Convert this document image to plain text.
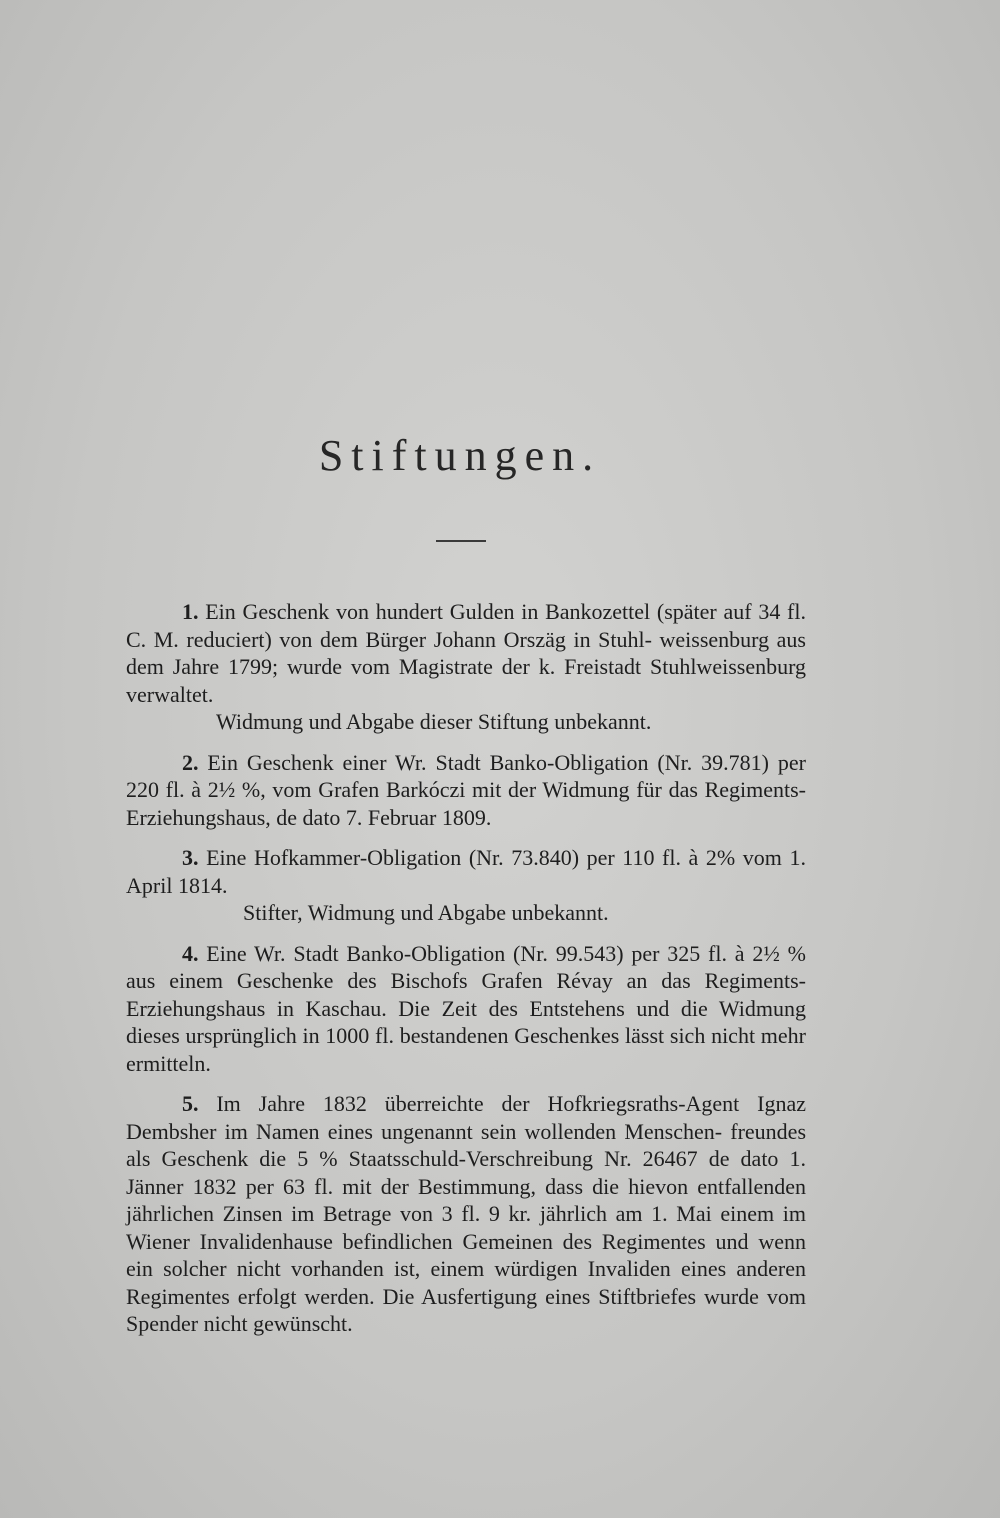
Stiftungen.

1. Ein Geschenk von hundert Gulden in Bankozettel (später auf 34 fl. C. M. reduciert) von dem Bürger Johann Orszäg in Stuhl- weissenburg aus dem Jahre 1799; wurde vom Magistrate der k. Freistadt Stuhlweissenburg verwaltet.

Widmung und Abgabe dieser Stiftung unbekannt.

2. Ein Geschenk einer Wr. Stadt Banko-Obligation (Nr. 39.781) per 220 fl. à 2½ %, vom Grafen Barkóczi mit der Widmung für das Regiments-Erziehungshaus, de dato 7. Februar 1809.

3. Eine Hofkammer-Obligation (Nr. 73.840) per 110 fl. à 2% vom 1. April 1814.

Stifter, Widmung und Abgabe unbekannt.

4. Eine Wr. Stadt Banko-Obligation (Nr. 99.543) per 325 fl. à 2½ % aus einem Geschenke des Bischofs Grafen Révay an das Regiments-Erziehungshaus in Kaschau. Die Zeit des Entstehens und die Widmung dieses ursprünglich in 1000 fl. bestandenen Geschenkes lässt sich nicht mehr ermitteln.

5. Im Jahre 1832 überreichte der Hofkriegsraths-Agent Ignaz Dembsher im Namen eines ungenannt sein wollenden Menschen- freundes als Geschenk die 5 % Staatsschuld-Verschreibung Nr. 26467 de dato 1. Jänner 1832 per 63 fl. mit der Bestimmung, dass die hievon entfallenden jährlichen Zinsen im Betrage von 3 fl. 9 kr. jährlich am 1. Mai einem im Wiener Invalidenhause befindlichen Gemeinen des Regimentes und wenn ein solcher nicht vorhanden ist, einem würdigen Invaliden eines anderen Regimentes erfolgt werden. Die Ausfertigung eines Stiftbriefes wurde vom Spender nicht gewünscht.
